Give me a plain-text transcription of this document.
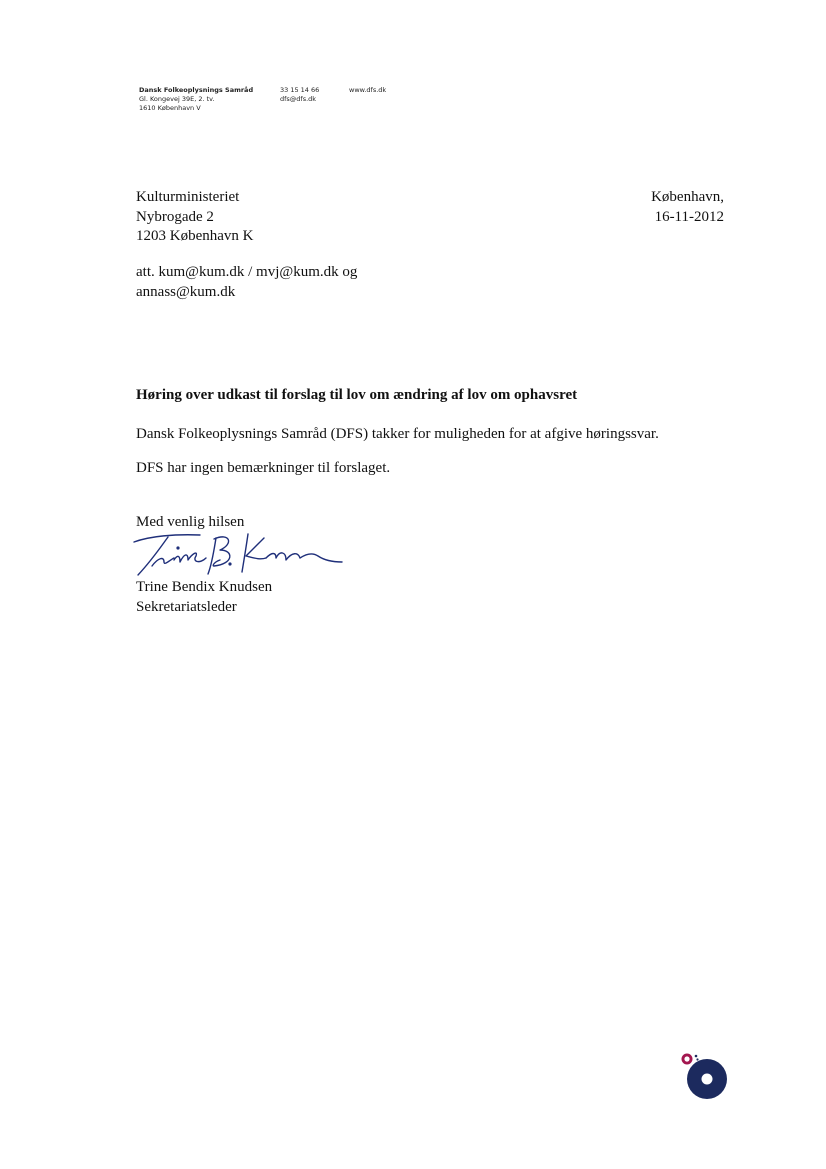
Dansk Folkeoplysnings Samråd
Gl. Kongevej 39E, 2. tv.
1610 København V
33 15 14 66
dfs@dfs.dk
www.dfs.dk
Kulturministeriet
Nybrogade 2
1203 København K
København,
16-11-2012
att. kum@kum.dk / mvj@kum.dk og
annass@kum.dk
Høring over udkast til forslag til lov om ændring af lov om ophavsret
Dansk Folkeoplysnings Samråd (DFS) takker for muligheden for at afgive høringssvar.
DFS har ingen bemærkninger til forslaget.
Med venlig hilsen
Trine Bendix Knudsen
Sekretariatsleder
